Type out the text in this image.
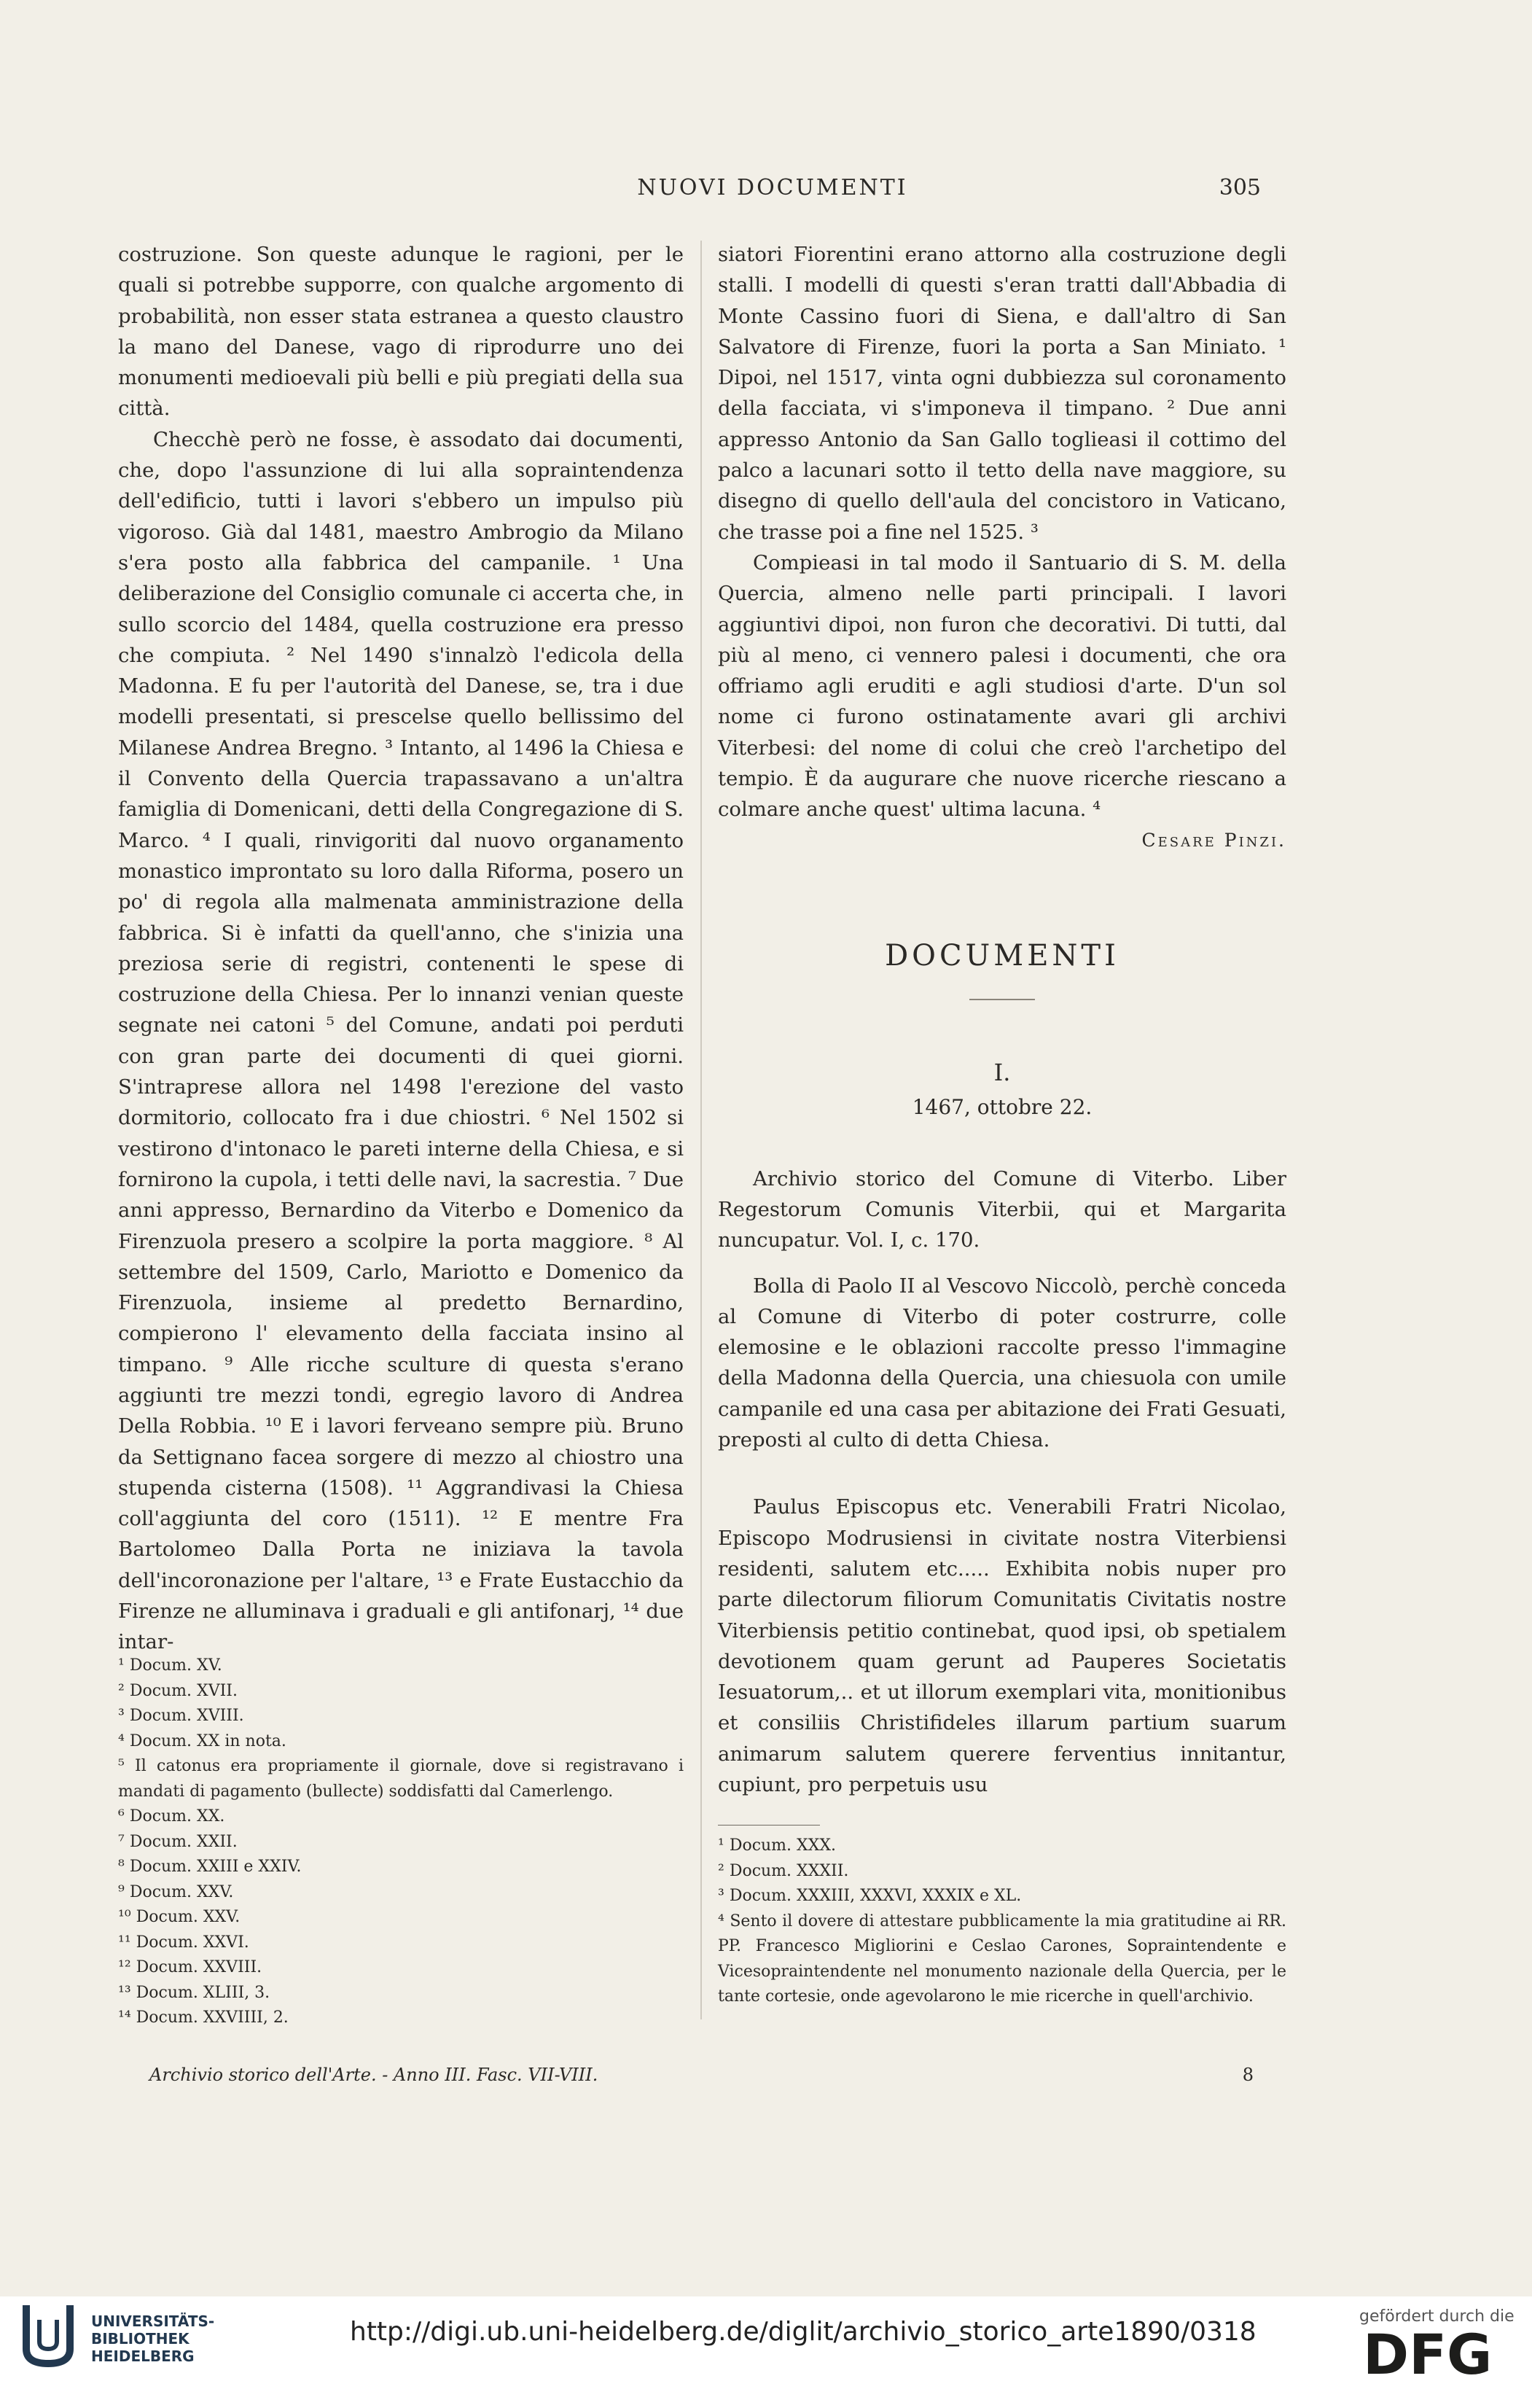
NUOVI DOCUMENTI	305

costruzione. Son queste adunque le ragioni, per le quali si potrebbe supporre, con qualche argomento di probabilità, non esser stata estranea a questo claustro la mano del Danese, vago di riprodurre uno dei monumenti medioevali più belli e più pregiati della sua città.

Checchè però ne fosse, è assodato dai documenti, che, dopo l'assunzione di lui alla sopraintendenza dell'edificio, tutti i lavori s'ebbero un impulso più vigoroso. Già dal 1481, maestro Ambrogio da Milano s'era posto alla fabbrica del campanile. ¹ Una deliberazione del Consiglio comunale ci accerta che, in sullo scorcio del 1484, quella costruzione era presso che compiuta. ² Nel 1490 s'innalzò l'edicola della Madonna. E fu per l'autorità del Danese, se, tra i due modelli presentati, si prescelse quello bellissimo del Milanese Andrea Bregno. ³ Intanto, al 1496 la Chiesa e il Convento della Quercia trapassavano a un'altra famiglia di Domenicani, detti della Congregazione di S. Marco. ⁴ I quali, rinvigoriti dal nuovo organamento monastico improntato su loro dalla Riforma, posero un po' di regola alla malmenata amministrazione della fabbrica. Si è infatti da quell'anno, che s'inizia una preziosa serie di registri, contenenti le spese di costruzione della Chiesa. Per lo innanzi venian queste segnate nei catoni ⁵ del Comune, andati poi perduti con gran parte dei documenti di quei giorni. S'intraprese allora nel 1498 l'erezione del vasto dormitorio, collocato fra i due chiostri. ⁶ Nel 1502 si vestirono d'intonaco le pareti interne della Chiesa, e si fornirono la cupola, i tetti delle navi, la sacrestia. ⁷ Due anni appresso, Bernardino da Viterbo e Domenico da Firenzuola presero a scolpire la porta maggiore. ⁸ Al settembre del 1509, Carlo, Mariotto e Domenico da Firenzuola, insieme al predetto Bernardino, compierono l' elevamento della facciata insino al timpano. ⁹ Alle ricche sculture di questa s'erano aggiunti tre mezzi tondi, egregio lavoro di Andrea Della Robbia. ¹⁰ E i lavori ferveano sempre più. Bruno da Settignano facea sorgere di mezzo al chiostro una stupenda cisterna (1508). ¹¹ Aggrandivasi la Chiesa coll'aggiunta del coro (1511). ¹² E mentre Fra Bartolomeo Dalla Porta ne iniziava la tavola dell'incoronazione per l'altare, ¹³ e Frate Eustacchio da Firenze ne alluminava i graduali e gli antifonarj, ¹⁴ due intar-

siatori Fiorentini erano attorno alla costruzione degli stalli. I modelli di questi s'eran tratti dall'Abbadia di Monte Cassino fuori di Siena, e dall'altro di San Salvatore di Firenze, fuori la porta a San Miniato. ¹ Dipoi, nel 1517, vinta ogni dubbiezza sul coronamento della facciata, vi s'imponeva il timpano. ² Due anni appresso Antonio da San Gallo toglieasi il cottimo del palco a lacunari sotto il tetto della nave maggiore, su disegno di quello dell'aula del concistoro in Vaticano, che trasse poi a fine nel 1525. ³

Compieasi in tal modo il Santuario di S. M. della Quercia, almeno nelle parti principali. I lavori aggiuntivi dipoi, non furon che decorativi. Di tutti, dal più al meno, ci vennero palesi i documenti, che ora offriamo agli eruditi e agli studiosi d'arte. D'un sol nome ci furono ostinatamente avari gli archivi Viterbesi: del nome di colui che creò l'archetipo del tempio. È da augurare che nuove ricerche riescano a colmare anche quest' ultima lacuna. ⁴

Cesare Pinzi.
DOCUMENTI
I.
1467, ottobre 22.

Archivio storico del Comune di Viterbo. Liber Regestorum Comunis Viterbii, qui et Margarita nuncupatur. Vol. I, c. 170.

Bolla di Paolo II al Vescovo Niccolò, perchè conceda al Comune di Viterbo di poter costrurre, colle elemosine e le oblazioni raccolte presso l'immagine della Madonna della Quercia, una chiesuola con umile campanile ed una casa per abitazione dei Frati Gesuati, preposti al culto di detta Chiesa.

Paulus Episcopus etc. Venerabili Fratri Nicolao, Episcopo Modrusiensi in civitate nostra Viterbiensi residenti, salutem etc..... Exhibita nobis nuper pro parte dilectorum filiorum Comunitatis Civitatis nostre Viterbiensis petitio continebat, quod ipsi, ob spetialem devotionem quam gerunt ad Pauperes Societatis Iesuatorum,.. et ut illorum exemplari vita, monitionibus et consiliis Christifideles illarum partium suarum animarum salutem querere ferventius innitantur, cupiunt, pro perpetuis usu

¹ Docum. XV.
² Docum. XVII.
³ Docum. XVIII.
⁴ Docum. XX in nota.
⁵ Il catonus era propriamente il giornale, dove si registravano i mandati di pagamento (bullecte) soddisfatti dal Camerlengo.
⁶ Docum. XX.
⁷ Docum. XXII.
⁸ Docum. XXIII e XXIV.
⁹ Docum. XXV.
¹⁰ Docum. XXV.
¹¹ Docum. XXVI.
¹² Docum. XXVIII.
¹³ Docum. XLIII, 3.
¹⁴ Docum. XXVIIII, 2.
¹ Docum. XXX.
² Docum. XXXII.
³ Docum. XXXIII, XXXVI, XXXIX e XL.
⁴ Sento il dovere di attestare pubblicamente la mia gratitudine ai RR. PP. Francesco Migliorini e Ceslao Carones, Sopraintendente e Vicesopraintendente nel monumento nazionale della Quercia, per le tante cortesie, onde agevolarono le mie ricerche in quell'archivio.
Archivio storico dell'Arte. - Anno III. Fasc. VII-VIII.	8
UNIVERSITÄTS-
BIBLIOTHEK
HEIDELBERG
http://digi.ub.uni-heidelberg.de/diglit/archivio_storico_arte1890/0318
gefördert durch die
DFG
